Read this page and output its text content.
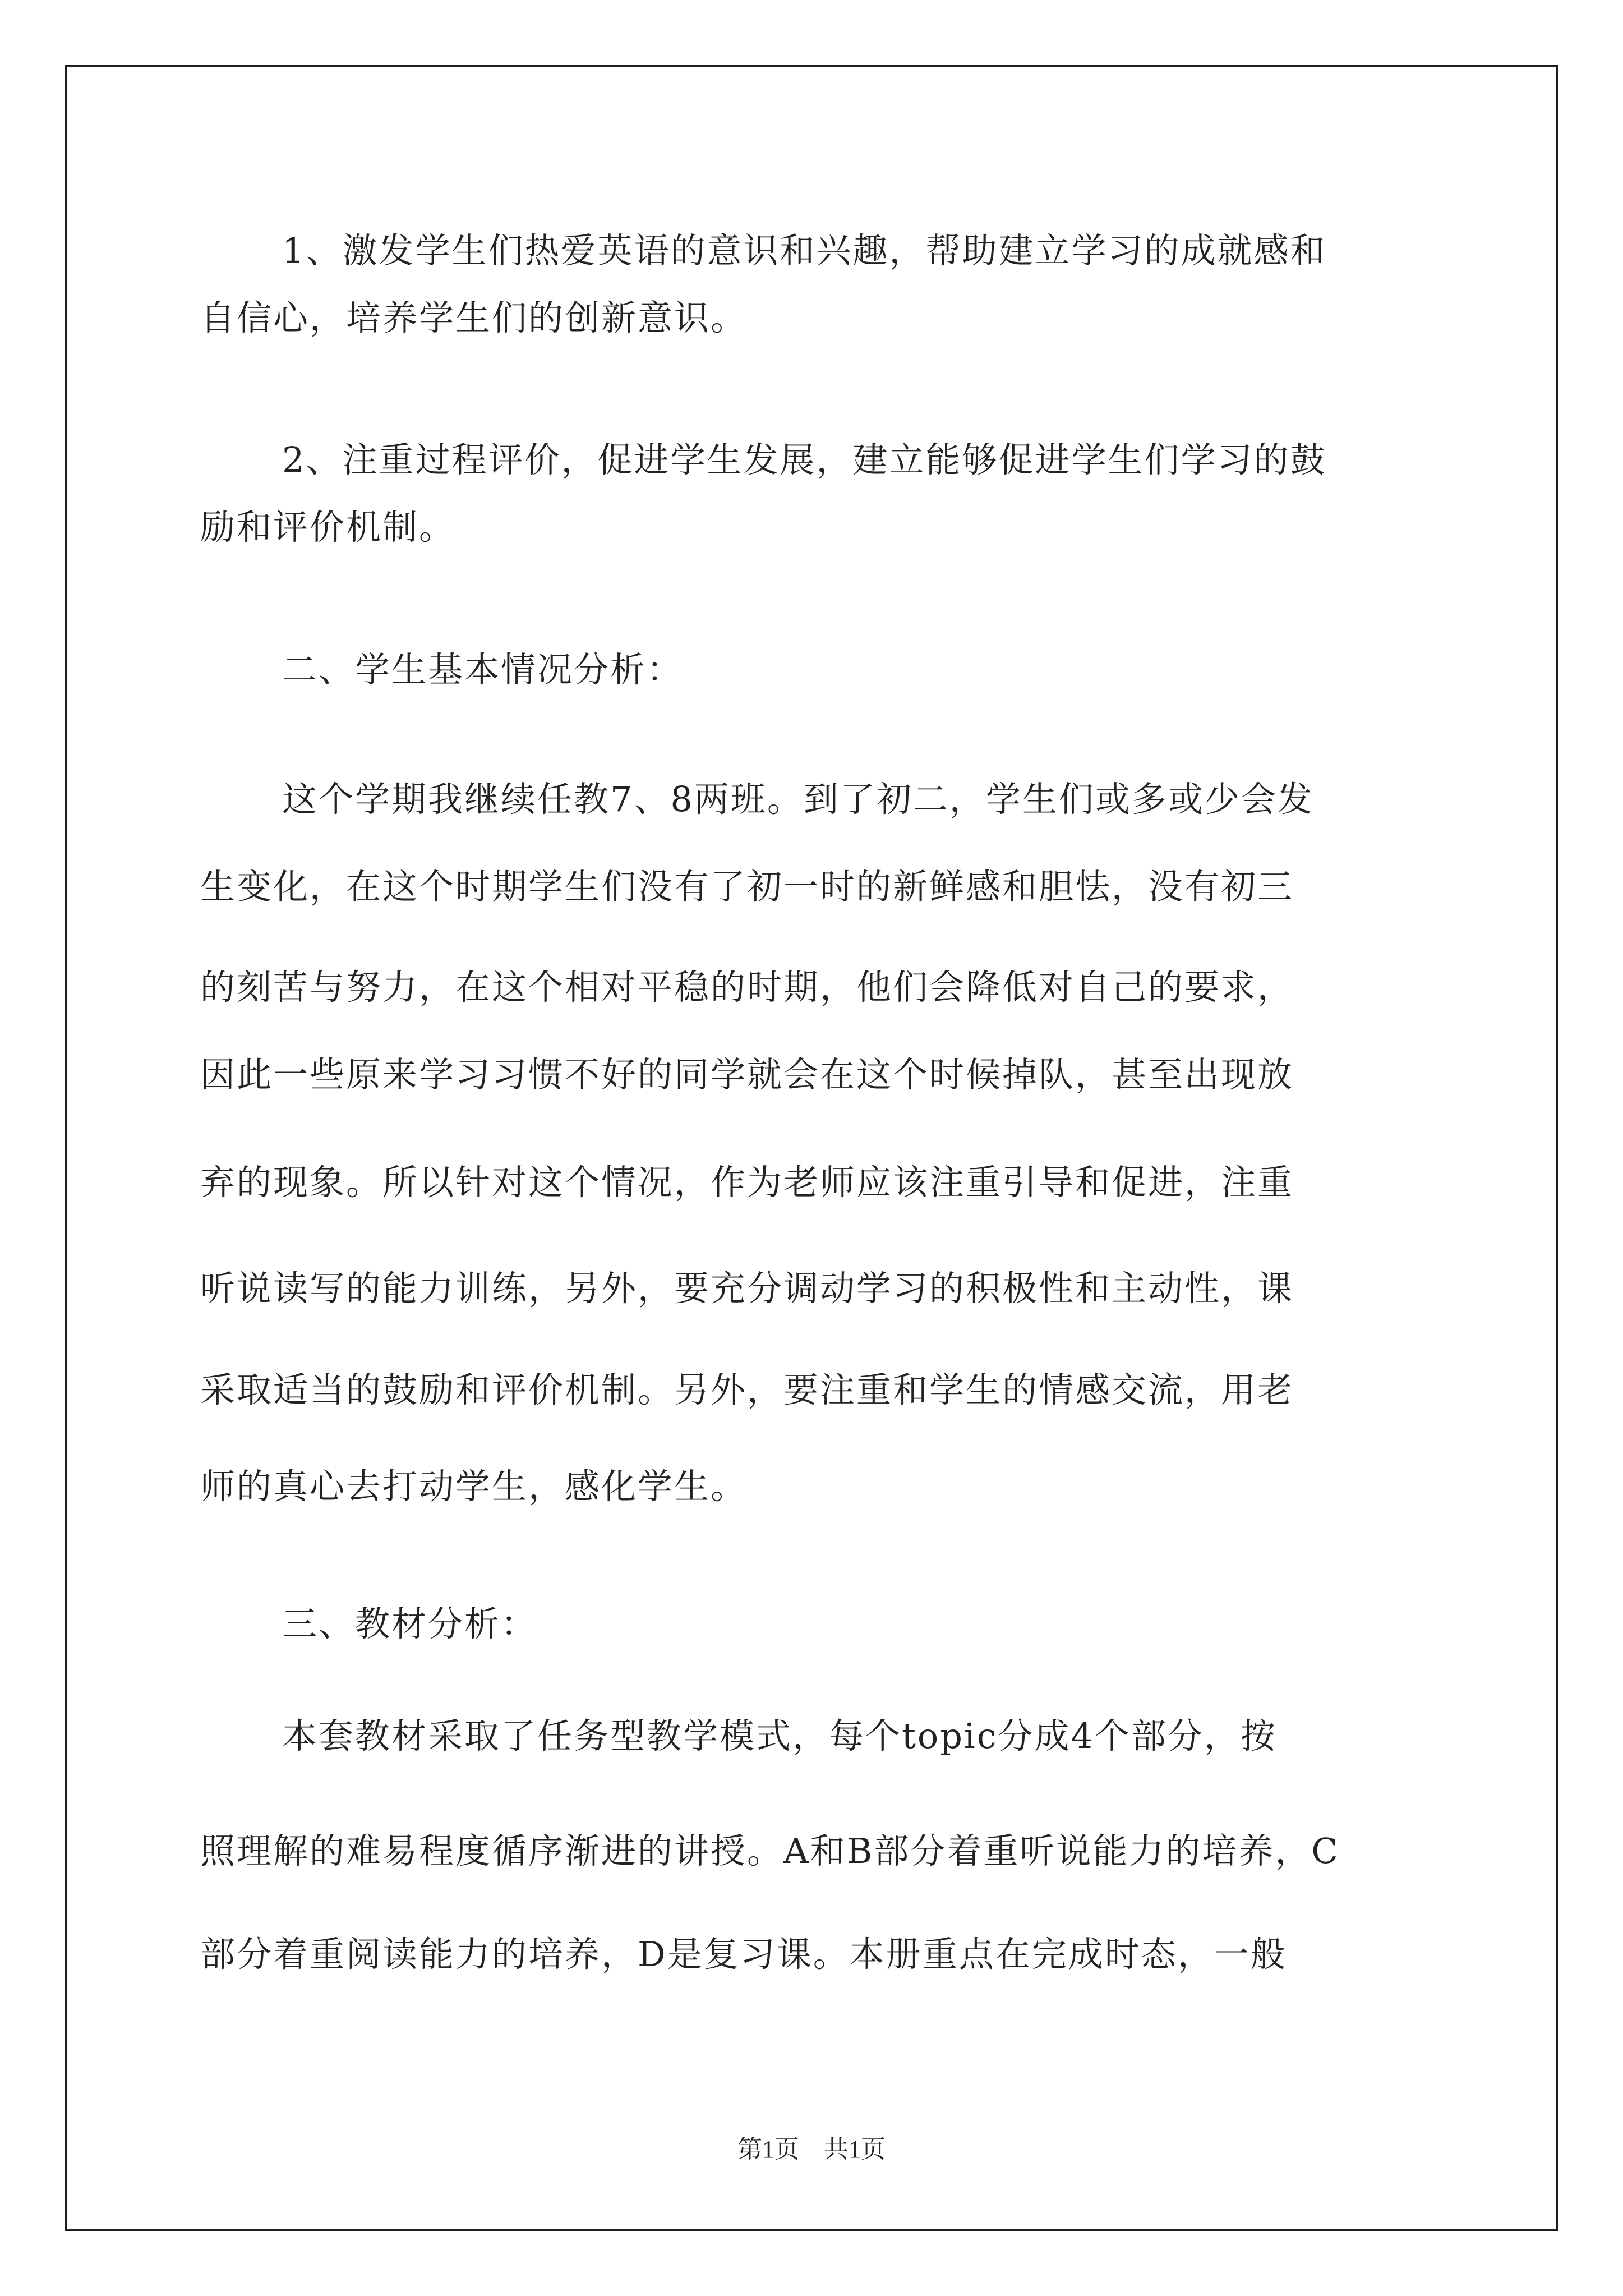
1、激发学生们热爱英语的意识和兴趣，帮助建立学习的成就感和
自信心，培养学生们的创新意识。
2、注重过程评价，促进学生发展，建立能够促进学生们学习的鼓
励和评价机制。
二、学生基本情况分析：
这个学期我继续任教7、8两班。到了初二，学生们或多或少会发
生变化，在这个时期学生们没有了初一时的新鲜感和胆怯，没有初三
的刻苦与努力，在这个相对平稳的时期，他们会降低对自己的要求，
因此一些原来学习习惯不好的同学就会在这个时候掉队，甚至出现放
弃的现象。所以针对这个情况，作为老师应该注重引导和促进，注重
听说读写的能力训练，另外，要充分调动学习的积极性和主动性，课
采取适当的鼓励和评价机制。另外，要注重和学生的情感交流，用老
师的真心去打动学生，感化学生。
三、教材分析：
本套教材采取了任务型教学模式，每个topic分成4个部分，按
照理解的难易程度循序渐进的讲授。A和B部分着重听说能力的培养，C
部分着重阅读能力的培养，D是复习课。本册重点在完成时态，一般
第1页　共1页
